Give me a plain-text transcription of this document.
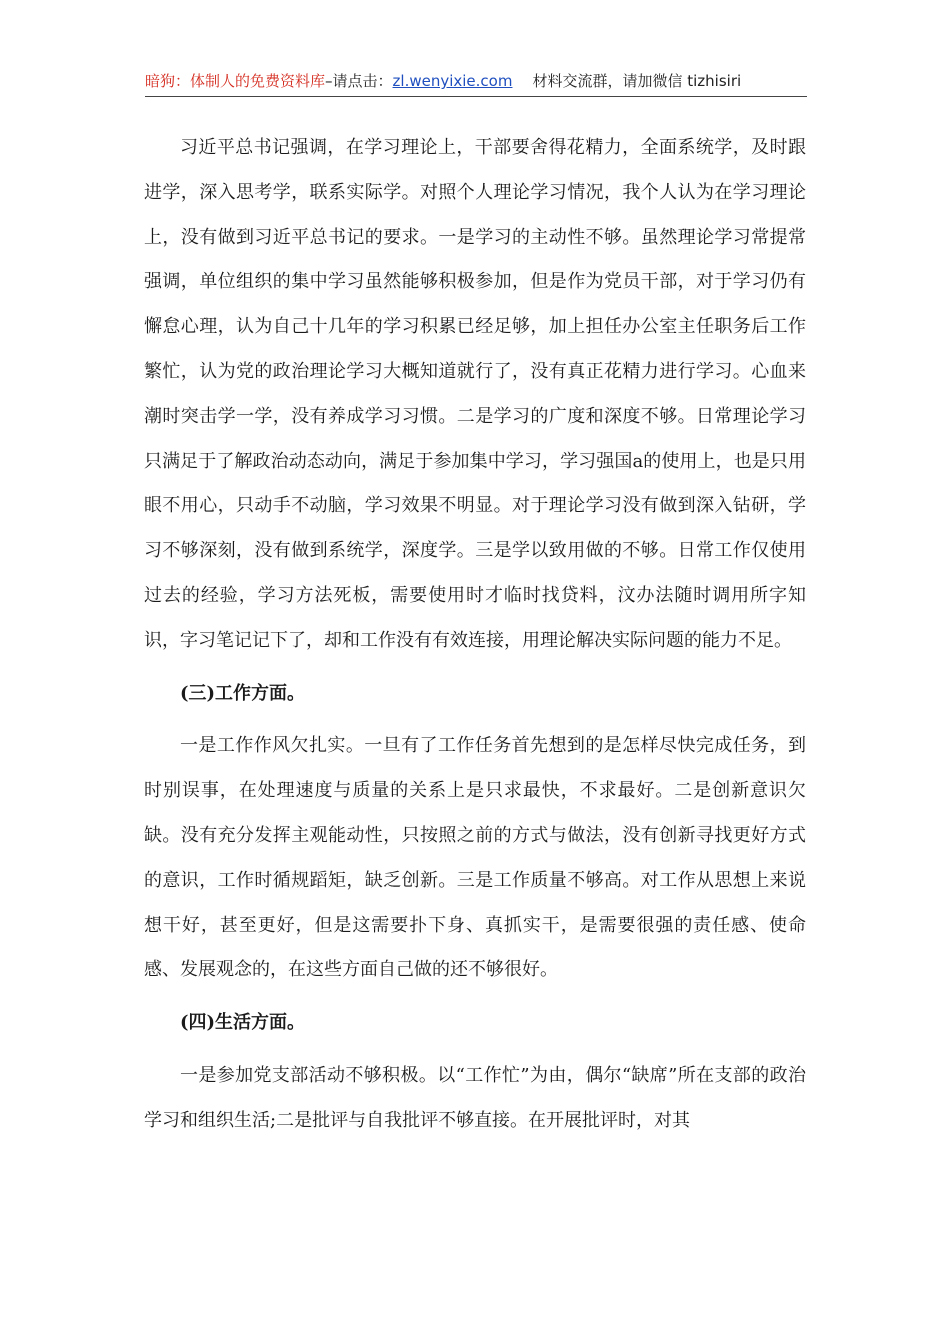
暗狗：体制人的免费资料库–请点击：zl.wenyixie.com 材料交流群，请加微信 tizhisiri

习近平总书记强调，在学习理论上，干部要舍得花精力，全面系统学，及时跟进学，深入思考学，联系实际学。对照个人理论学习情况，我个人认为在学习理论上，没有做到习近平总书记的要求。一是学习的主动性不够。虽然理论学习常提常强调，单位组织的集中学习虽然能够积极参加，但是作为党员干部，对于学习仍有懈怠心理，认为自己十几年的学习积累已经足够，加上担任办公室主任职务后工作繁忙，认为党的政治理论学习大概知道就行了，没有真正花精力进行学习。心血来潮时突击学一学，没有养成学习习惯。二是学习的广度和深度不够。日常理论学习只满足于了解政治动态动向，满足于参加集中学习，学习强国a的使用上，也是只用眼不用心，只动手不动脑，学习效果不明显。对于理论学习没有做到深入钻研，学习不够深刻，没有做到系统学，深度学。三是学以致用做的不够。日常工作仅使用过去的经验，学习方法死板，需要使用时才临时找贷料，汶办法随时调用所字知识，字习笔记记下了，却和工作没有有效连接，用理论解决实际问题的能力不足。

(三)工作方面。

一是工作作风欠扎实。一旦有了工作任务首先想到的是怎样尽快完成任务，到时别误事，在处理速度与质量的关系上是只求最快，不求最好。二是创新意识欠缺。没有充分发挥主观能动性，只按照之前的方式与做法，没有创新寻找更好方式的意识，工作时循规蹈矩，缺乏创新。三是工作质量不够高。对工作从思想上来说想干好，甚至更好，但是这需要扑下身、真抓实干，是需要很强的责任感、使命感、发展观念的，在这些方面自己做的还不够很好。

(四)生活方面。

一是参加党支部活动不够积极。以“工作忙”为由，偶尔“缺席”所在支部的政治学习和组织生活;二是批评与自我批评不够直接。在开展批评时，对其
